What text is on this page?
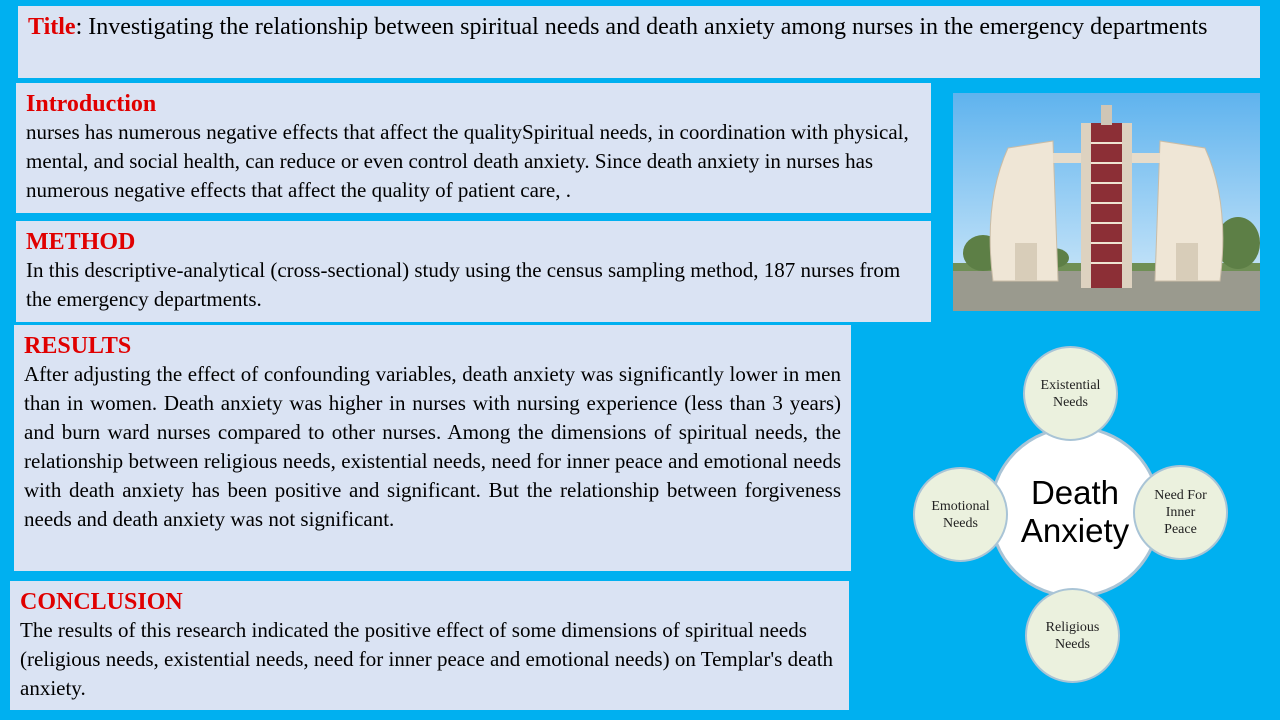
Title: Investigating the relationship between spiritual needs and death anxiety among nurses in the emergency departments
Introduction
nurses has numerous negative effects that affect the qualitySpiritual needs, in coordination with physical, mental, and social health, can reduce or even control death anxiety. Since death anxiety in nurses has numerous negative effects that affect the quality of patient care, .
METHOD
In this descriptive-analytical (cross-sectional) study using the census sampling method, 187 nurses from the emergency departments.
RESULTS
After adjusting the effect of confounding variables, death anxiety was significantly lower in men than in women. Death anxiety was higher in nurses with nursing experience (less than 3 years) and burn ward nurses compared to other nurses. Among the dimensions of spiritual needs, the relationship between religious needs, existential needs, need for inner peace and emotional needs with death anxiety has been positive and significant. But the relationship between forgiveness needs and death anxiety was not significant.
CONCLUSION
The results of this research indicated the positive effect of some dimensions of spiritual needs (religious needs, existential needs, need for inner peace and emotional needs) on Templar's death anxiety.
Death
Anxiety
Existential
Needs
Need For
Inner
Peace
Religious
Needs
Emotional
Needs
